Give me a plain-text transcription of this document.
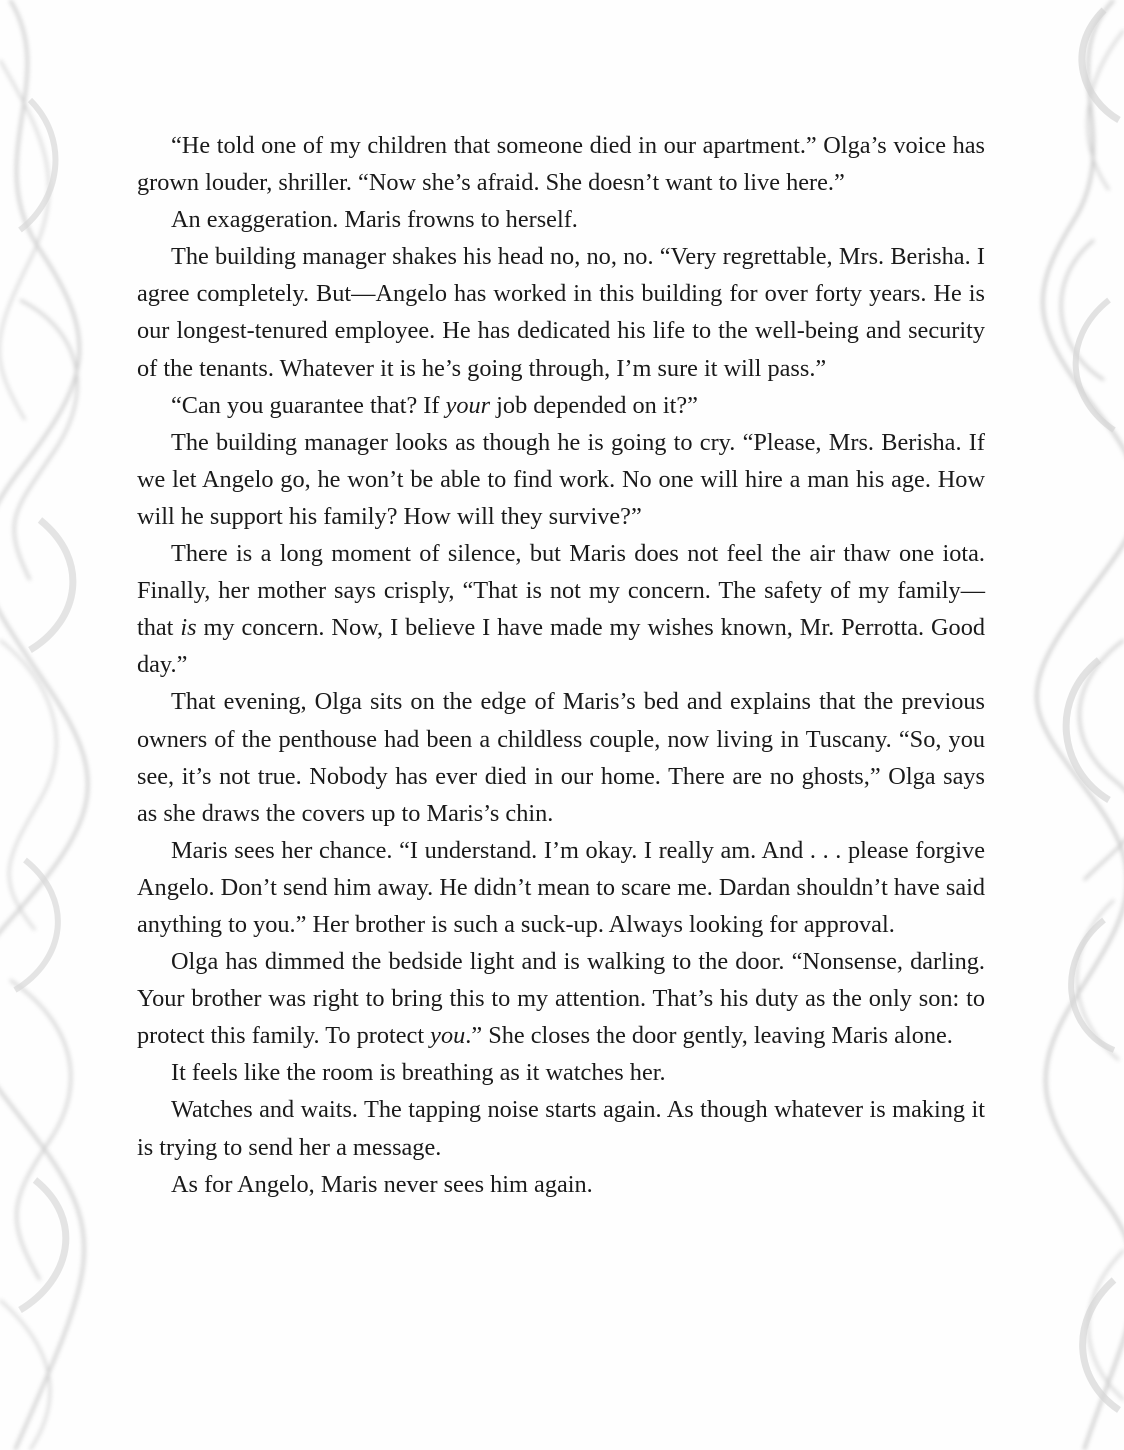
“He told one of my children that someone died in our apartment.” Olga’s voice has grown louder, shriller. “Now she’s afraid. She doesn’t want to live here.”

An exaggeration. Maris frowns to herself.

The building manager shakes his head no, no, no. “Very regrettable, Mrs. Berisha. I agree completely. But—Angelo has worked in this building for over forty years. He is our longest-tenured employee. He has dedicated his life to the well-being and security of the tenants. Whatever it is he’s going through, I’m sure it will pass.”

“Can you guarantee that? If your job depended on it?”

The building manager looks as though he is going to cry. “Please, Mrs. Berisha. If we let Angelo go, he won’t be able to find work. No one will hire a man his age. How will he support his family? How will they survive?”

There is a long moment of silence, but Maris does not feel the air thaw one iota. Finally, her mother says crisply, “That is not my concern. The safety of my family—that is my concern. Now, I believe I have made my wishes known, Mr. Perrotta. Good day.”

That evening, Olga sits on the edge of Maris’s bed and explains that the previous owners of the penthouse had been a childless couple, now living in Tuscany. “So, you see, it’s not true. Nobody has ever died in our home. There are no ghosts,” Olga says as she draws the covers up to Maris’s chin.

Maris sees her chance. “I understand. I’m okay. I really am. And . . . please forgive Angelo. Don’t send him away. He didn’t mean to scare me. Dardan shouldn’t have said anything to you.” Her brother is such a suck-up. Always looking for approval.

Olga has dimmed the bedside light and is walking to the door. “Nonsense, darling. Your brother was right to bring this to my attention. That’s his duty as the only son: to protect this family. To protect you.” She closes the door gently, leaving Maris alone.

It feels like the room is breathing as it watches her.

Watches and waits. The tapping noise starts again. As though whatever is making it is trying to send her a message.

As for Angelo, Maris never sees him again.
